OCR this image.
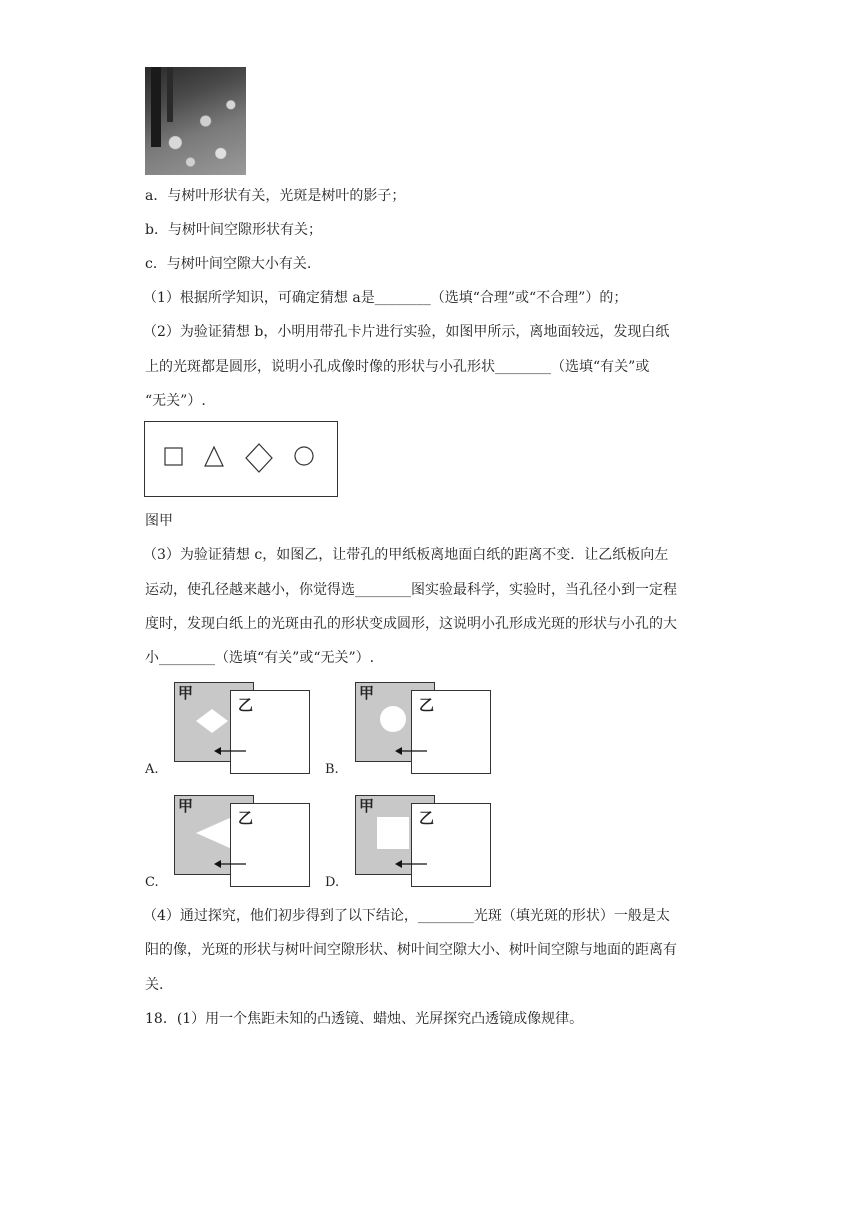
a．与树叶形状有关，光斑是树叶的影子；
b．与树叶间空隙形状有关；
c．与树叶间空隙大小有关.
（1）根据所学知识，可确定猜想 a是________（选填“合理”或“不合理”）的；
（2）为验证猜想 b，小明用带孔卡片进行实验，如图甲所示，离地面较远，发现白纸
上的光斑都是圆形，说明小孔成像时像的形状与小孔形状________（选填“有关”或
“无关”）.
图甲
（3）为验证猜想 c，如图乙，让带孔的甲纸板离地面白纸的距离不变．让乙纸板向左
运动，使孔径越来越小，你觉得选________图实验最科学，实验时，当孔径小到一定程
度时，发现白纸上的光斑由孔的形状变成圆形，这说明小孔形成光斑的形状与小孔的大
小________（选填“有关”或“无关”）.
A.
甲
乙
B.
甲
乙
C.
甲
乙
D.
甲
乙
（4）通过探究，他们初步得到了以下结论，________光斑（填光斑的形状）一般是太
阳的像，光斑的形状与树叶间空隙形状、树叶间空隙大小、树叶间空隙与地面的距离有
关.
18．(1）用一个焦距未知的凸透镜、蜡烛、光屏探究凸透镜成像规律。
